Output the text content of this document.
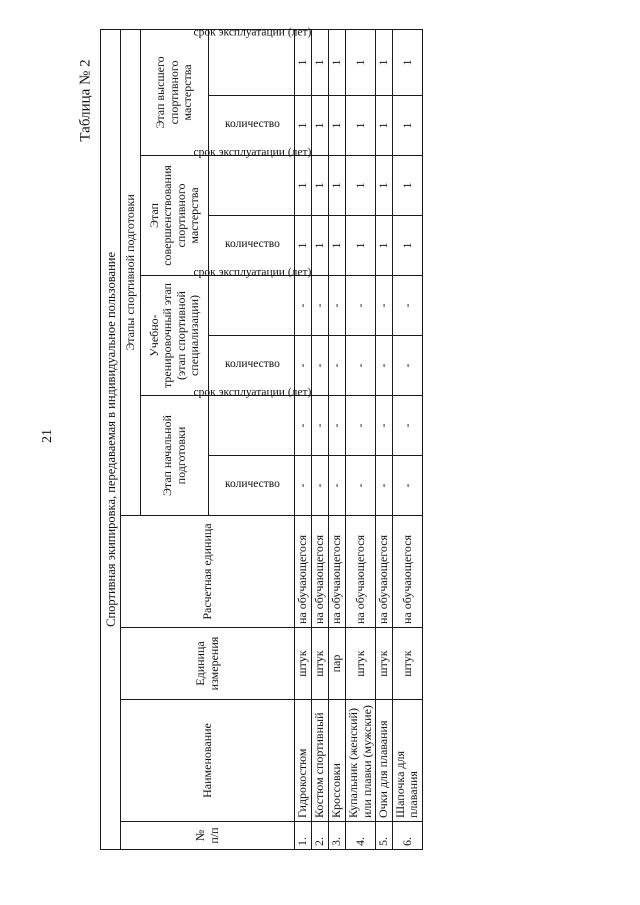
21
Таблица № 2
Спортивная экипировка, передаваемая в индивидуальное пользование											
№ п/п	Наименование	Единица измерения	Расчетная единица	Этапы спортивной подготовки							
				Этап начальной подготовки		Учебно-тренировочный этап (этап спортивной специализации)		Этап совершенствования спортивного мастерства		Этап высшего спортивного мастерства	
				количество	срок эксплуатации (лет)	количество	срок эксплуатации (лет)	количество	срок эксплуатации (лет)	количество	срок эксплуатации (лет)
1.	Гидрокостюм	штук	на обучающегося	-	-	-	-	1	1	1	1
2.	Костюм спортивный	штук	на обучающегося	-	-	-	-	1	1	1	1
3.	Кроссовки	пар	на обучающегося	-	-	-	-	1	1	1	1
4.	Купальник (женский) или плавки (мужские)	штук	на обучающегося	-	-	-	-	1	1	1	1
5.	Очки для плавания	штук	на обучающегося	-	-	-	-	1	1	1	1
6.	Шапочка для плавания	штук	на обучающегося	-	-	-	-	1	1	1	1
